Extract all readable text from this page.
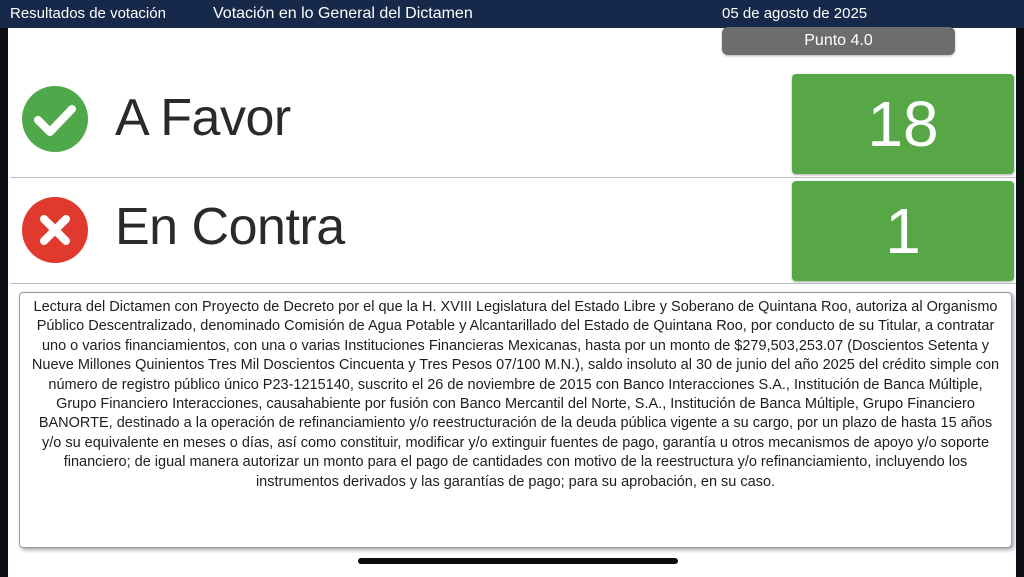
Resultados de votación	Votación en lo General del Dictamen	05 de agosto de 2025
Punto 4.0
A Favor	18
En Contra	1

Lectura del Dictamen con Proyecto de Decreto por el que la H. XVIII Legislatura del Estado Libre y Soberano de Quintana Roo, autoriza al Organismo Público Descentralizado, denominado Comisión de Agua Potable y Alcantarillado del Estado de Quintana Roo, por conducto de su Titular, a contratar uno o varios financiamientos, con una o varias Instituciones Financieras Mexicanas, hasta por un monto de $279,503,253.07 (Doscientos Setenta y Nueve Millones Quinientos Tres Mil Doscientos Cincuenta y Tres Pesos 07/100 M.N.), saldo insoluto al 30 de junio del año 2025 del crédito simple con número de registro público único P23-1215140, suscrito el 26 de noviembre de 2015 con Banco Interacciones S.A., Institución de Banca Múltiple, Grupo Financiero Interacciones, causahabiente por fusión con Banco Mercantil del Norte, S.A., Institución de Banca Múltiple, Grupo Financiero BANORTE, destinado a la operación de refinanciamiento y/o reestructuración de la deuda pública vigente a su cargo, por un plazo de hasta 15 años y/o su equivalente en meses o días, así como constituir, modificar y/o extinguir fuentes de pago, garantía u otros mecanismos de apoyo y/o soporte financiero; de igual manera autorizar un monto para el pago de cantidades con motivo de la reestructura y/o refinanciamiento, incluyendo los instrumentos derivados y las garantías de pago; para su aprobación, en su caso.
